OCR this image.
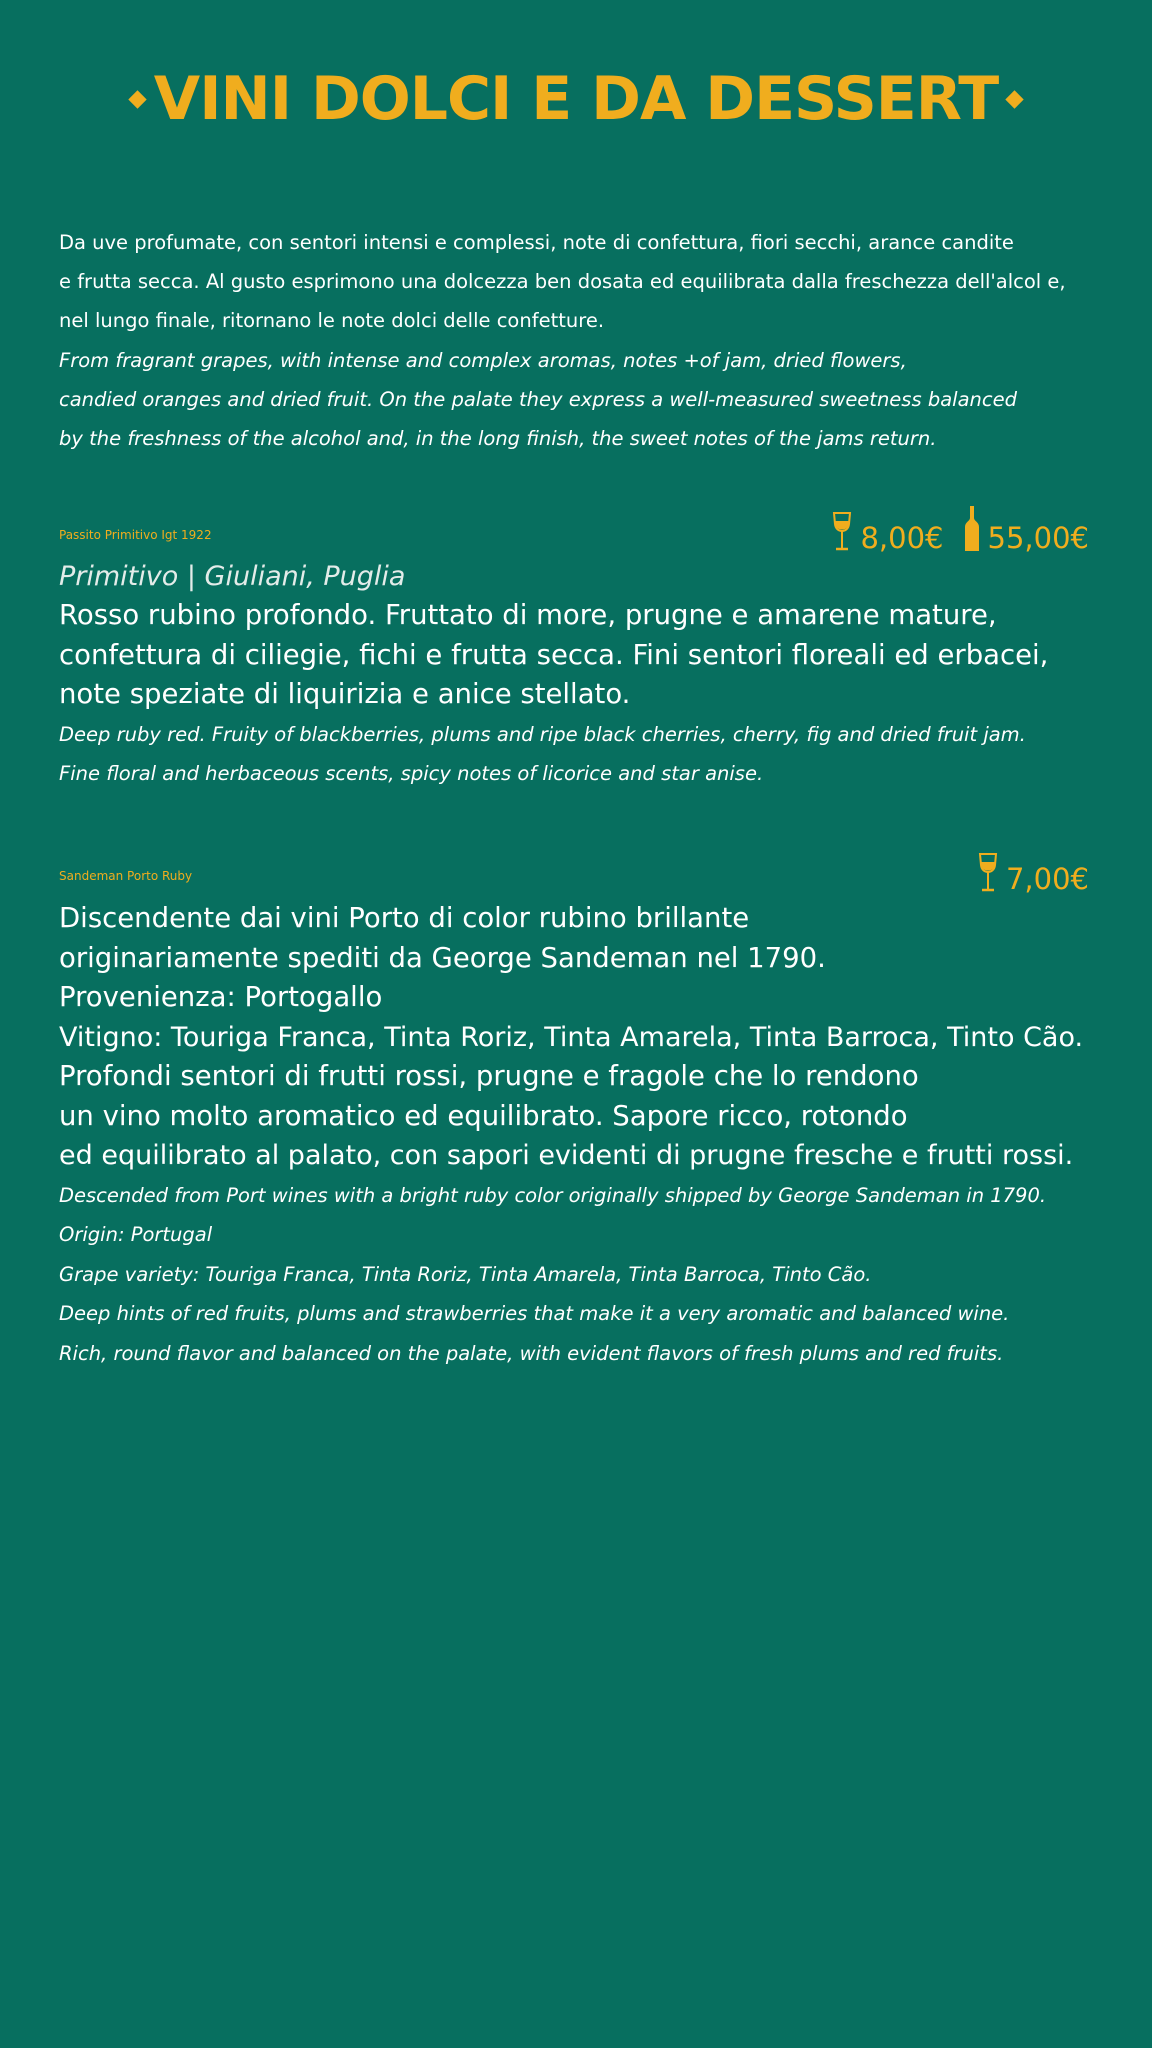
VINI DOLCI E DA DESSERT
Da uve profumate, con sentori intensi e complessi, note di confettura, fiori secchi, arance candite
e frutta secca. Al gusto esprimono una dolcezza ben dosata ed equilibrata dalla freschezza dell'alcol e,
nel lungo finale, ritornano le note dolci delle confetture.
From fragrant grapes, with intense and complex aromas, notes +of jam, dried flowers,
candied oranges and dried fruit. On the palate they express a well-measured sweetness balanced
by the freshness of the alcohol and, in the long finish, the sweet notes of the jams return.
Passito Primitivo Igt 1922	8,00€ 55,00€
Primitivo | Giuliani, Puglia
Rosso rubino profondo. Fruttato di more, prugne e amarene mature,
confettura di ciliegie, fichi e frutta secca. Fini sentori floreali ed erbacei,
note speziate di liquirizia e anice stellato.
Deep ruby red. Fruity of blackberries, plums and ripe black cherries, cherry, fig and dried fruit jam.
Fine floral and herbaceous scents, spicy notes of licorice and star anise.
Sandeman Porto Ruby	7,00€
Discendente dai vini Porto di color rubino brillante
originariamente spediti da George Sandeman nel 1790.
Provenienza: Portogallo
Vitigno: Touriga Franca, Tinta Roriz, Tinta Amarela, Tinta Barroca, Tinto Cão.
Profondi sentori di frutti rossi, prugne e fragole che lo rendono
un vino molto aromatico ed equilibrato. Sapore ricco, rotondo
ed equilibrato al palato, con sapori evidenti di prugne fresche e frutti rossi.
Descended from Port wines with a bright ruby color originally shipped by George Sandeman in 1790.
Origin: Portugal
Grape variety: Touriga Franca, Tinta Roriz, Tinta Amarela, Tinta Barroca, Tinto Cão.
Deep hints of red fruits, plums and strawberries that make it a very aromatic and balanced wine.
Rich, round flavor and balanced on the palate, with evident flavors of fresh plums and red fruits.
